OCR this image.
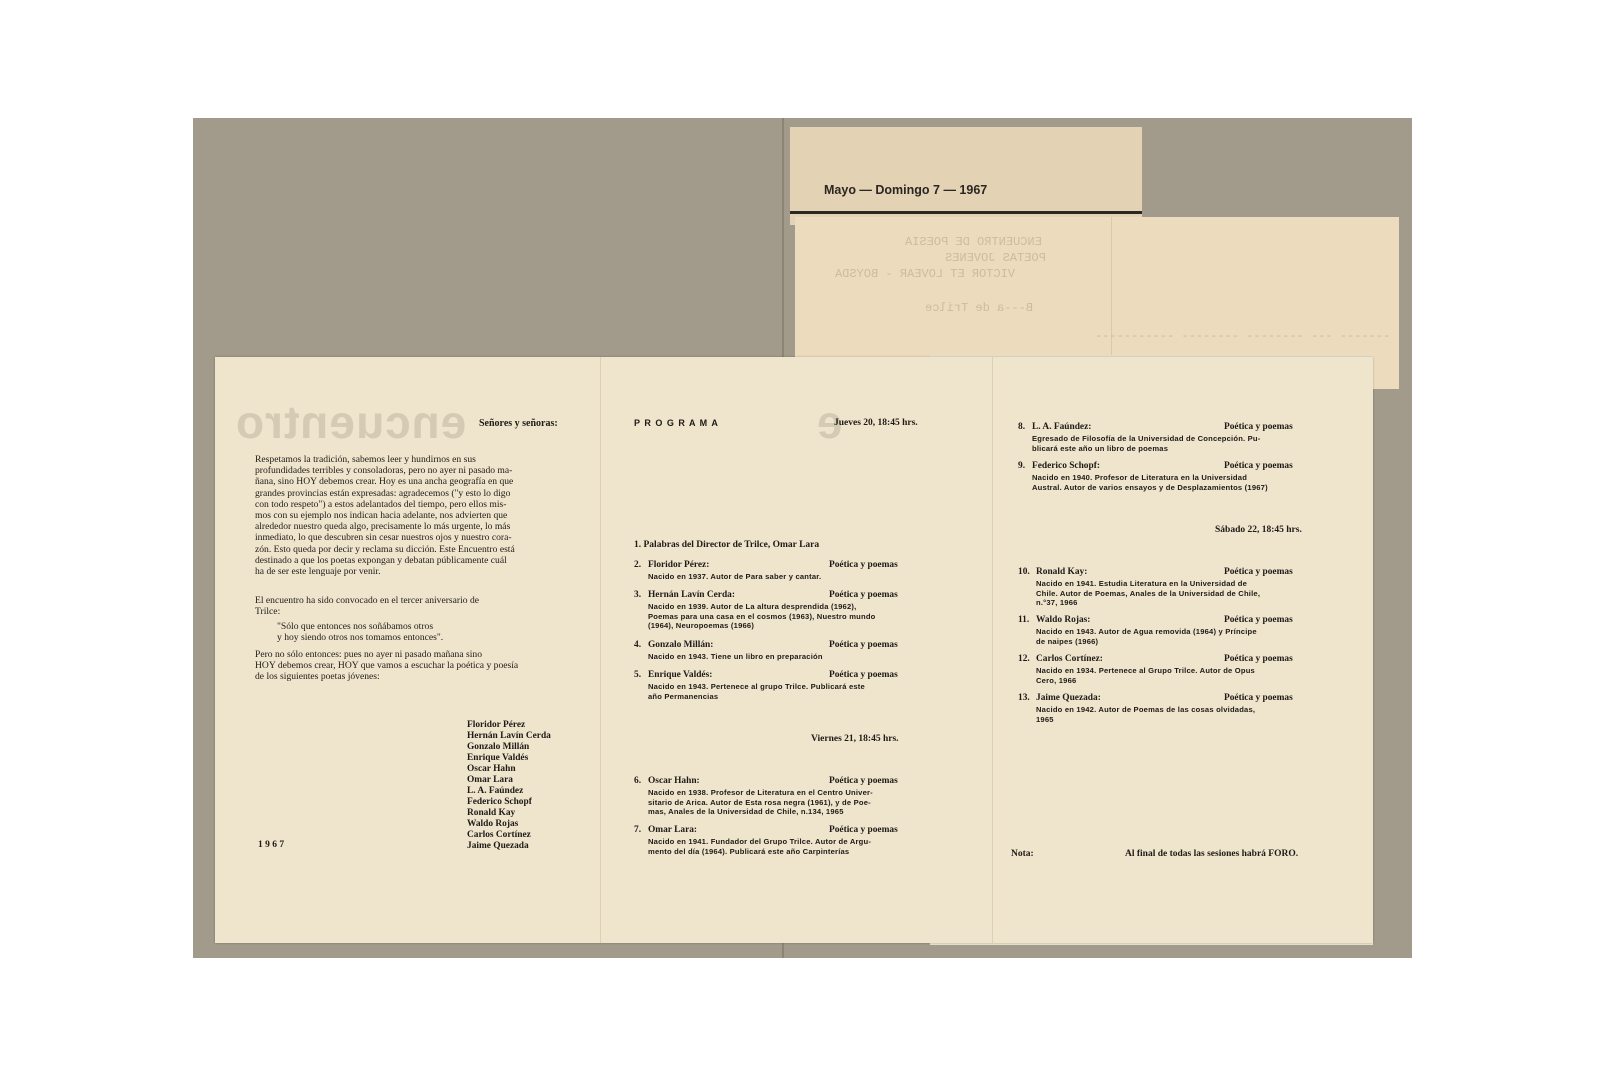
Mayo — Domingo 7 — 1967
ENCUENTRO DE POESIA
POETAS JOVENES
VICTOR ET LOVEAR - BOYSDA
B---a de Trilce
------- --- -------- -------- -----------
encuentro Señores y señoras:
Respetamos la tradición, sabemos leer y hundirnos en sus
profundidades terribles y consoladoras, pero no ayer ni pasado ma-
ñana, sino HOY debemos crear. Hoy es una ancha geografía en que
grandes provincias están expresadas: agradecemos ("y esto lo digo
con todo respeto") a estos adelantados del tiempo, pero ellos mis-
mos con su ejemplo nos indican hacia adelante, nos advierten que
alrededor nuestro queda algo, precisamente lo más urgente, lo más
inmediato, lo que descubren sin cesar nuestros ojos y nuestro cora-
zón. Esto queda por decir y reclama su dicción. Este Encuentro está
destinado a que los poetas expongan y debatan públicamente cuál
ha de ser este lenguaje por venir.
El encuentro ha sido convocado en el tercer aniversario de
Trilce:
"Sólo que entonces nos soñábamos otros
y hoy siendo otros nos tomamos entonces".
Pero no sólo entonces: pues no ayer ni pasado mañana sino
HOY debemos crear, HOY que vamos a escuchar la poética y poesía
de los siguientes poetas jóvenes:
Floridor Pérez
Hernán Lavín Cerda
Gonzalo Millán
Enrique Valdés
Oscar Hahn
Omar Lara
L. A. Faúndez
Federico Schopf
Ronald Kay
Waldo Rojas
Carlos Cortínez
Jaime Quezada
1 9 6 7
e
P R O G R A M A	Jueves 20, 18:45 hrs.
1. Palabras del Director de Trilce, Omar Lara
2. Floridor Pérez:	Poética y poemas
Nacido en 1937. Autor de Para saber y cantar.
3. Hernán Lavín Cerda:	Poética y poemas
Nacido en 1939. Autor de La altura desprendida (1962),
Poemas para una casa en el cosmos (1963), Nuestro mundo
(1964), Neuropoemas (1966)
4. Gonzalo Millán:	Poética y poemas
Nacido en 1943. Tiene un libro en preparación
5. Enrique Valdés:	Poética y poemas
Nacido en 1943. Pertenece al grupo Trilce. Publicará este
año Permanencias
Viernes 21, 18:45 hrs.
6. Oscar Hahn:	Poética y poemas
Nacido en 1938. Profesor de Literatura en el Centro Univer-
sitario de Arica. Autor de Esta rosa negra (1961), y de Poe-
mas, Anales de la Universidad de Chile, n.134, 1965
7. Omar Lara:	Poética y poemas
Nacido en 1941. Fundador del Grupo Trilce. Autor de Argu-
mento del día (1964). Publicará este año Carpinterías
8. L. A. Faúndez:	Poética y poemas
Egresado de Filosofía de la Universidad de Concepción. Pu-
blicará este año un libro de poemas
9. Federico Schopf:	Poética y poemas
Nacido en 1940. Profesor de Literatura en la Universidad
Austral. Autor de varios ensayos y de Desplazamientos (1967)
Sábado 22, 18:45 hrs.
10. Ronald Kay:	Poética y poemas
Nacido en 1941. Estudia Literatura en la Universidad de
Chile. Autor de Poemas, Anales de la Universidad de Chile,
n.°37, 1966
11. Waldo Rojas:	Poética y poemas
Nacido en 1943. Autor de Agua removida (1964) y Príncipe
de naipes (1966)
12. Carlos Cortínez:	Poética y poemas
Nacido en 1934. Pertenece al Grupo Trilce. Autor de Opus
Cero, 1966
13. Jaime Quezada:	Poética y poemas
Nacido en 1942. Autor de Poemas de las cosas olvidadas,
1965
Nota:	Al final de todas las sesiones habrá FORO.
